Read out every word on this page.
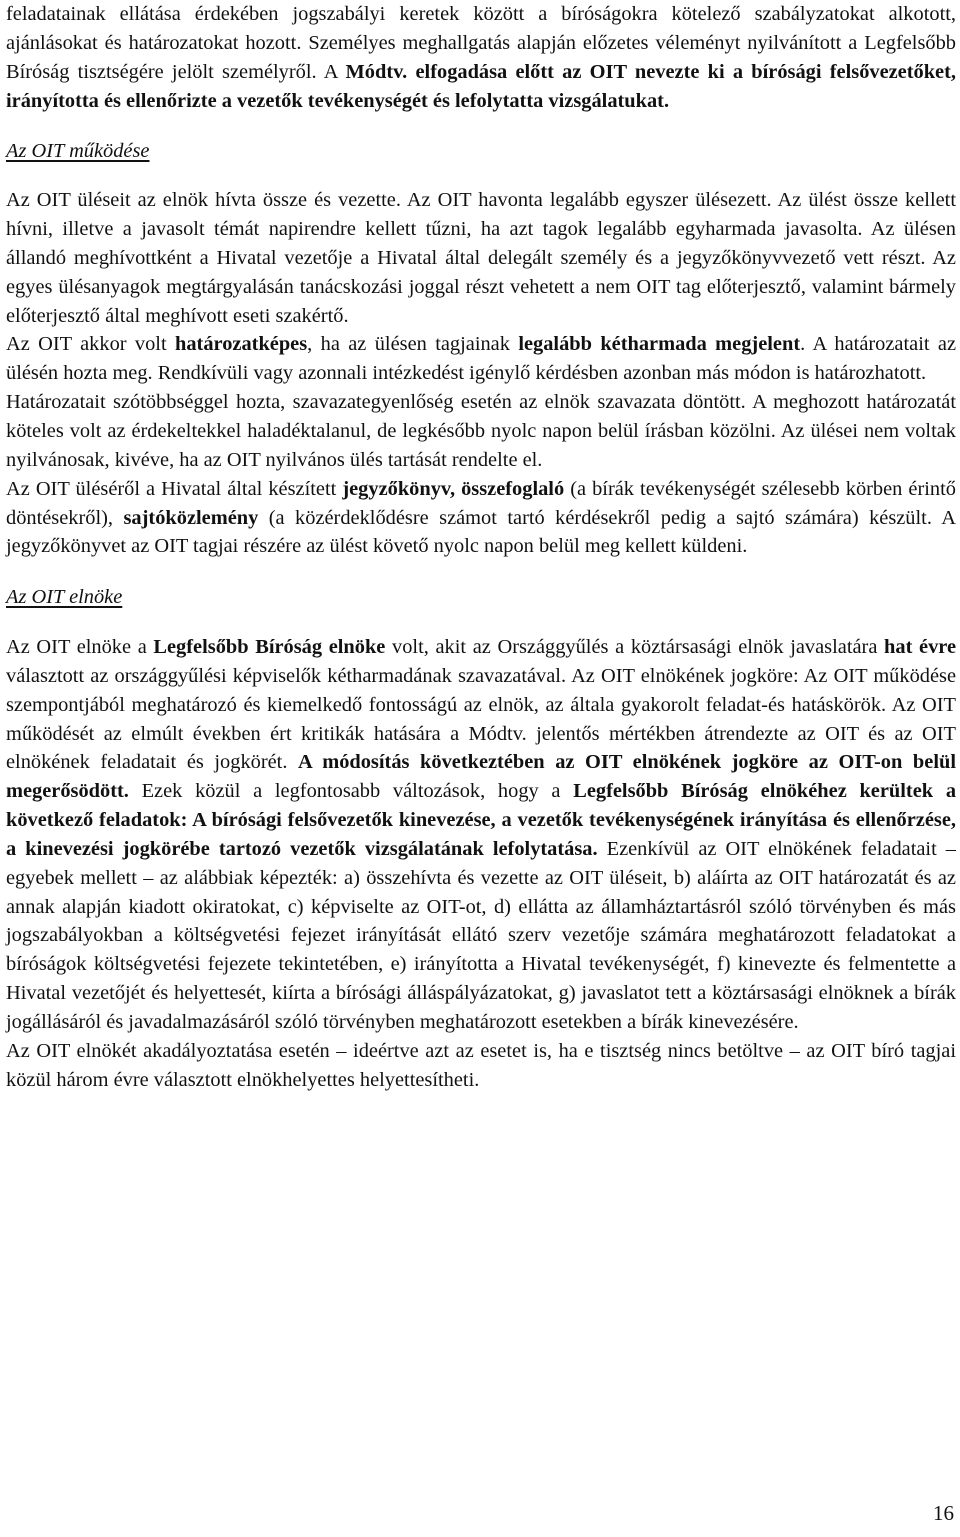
feladatainak ellátása érdekében jogszabályi keretek között a bíróságokra kötelező szabályzatokat alkotott, ajánlásokat és határozatokat hozott. Személyes meghallgatás alapján előzetes véleményt nyilvánított a Legfelsőbb Bíróság tisztségére jelölt személyről. A Módtv. elfogadása előtt az OIT nevezte ki a bírósági felsővezetőket, irányította és ellenőrizte a vezetők tevékenységét és lefolytatta vizsgálatukat.

Az OIT működése

Az OIT üléseit az elnök hívta össze és vezette. Az OIT havonta legalább egyszer ülésezett. Az ülést össze kellett hívni, illetve a javasolt témát napirendre kellett tűzni, ha azt tagok legalább egyharmada javasolta. Az ülésen állandó meghívottként a Hivatal vezetője a Hivatal által delegált személy és a jegyzőkönyvvezető vett részt. Az egyes ülésanyagok megtárgyalásán tanácskozási joggal részt vehetett a nem OIT tag előterjesztő, valamint bármely előterjesztő által meghívott eseti szakértő.

Az OIT akkor volt határozatképes, ha az ülésen tagjainak legalább kétharmada megjelent. A határozatait az ülésén hozta meg. Rendkívüli vagy azonnali intézkedést igénylő kérdésben azonban más módon is határozhatott.

Határozatait szótöbbséggel hozta, szavazategyenlőség esetén az elnök szavazata döntött. A meghozott határozatát köteles volt az érdekeltekkel haladéktalanul, de legkésőbb nyolc napon belül írásban közölni. Az ülései nem voltak nyilvánosak, kivéve, ha az OIT nyilvános ülés tartását rendelte el.

Az OIT üléséről a Hivatal által készített jegyzőkönyv, összefoglaló (a bírák tevékenységét szélesebb körben érintő döntésekről), sajtóközlemény (a közérdeklődésre számot tartó kérdésekről pedig a sajtó számára) készült. A jegyzőkönyvet az OIT tagjai részére az ülést követő nyolc napon belül meg kellett küldeni.

Az OIT elnöke

Az OIT elnöke a Legfelsőbb Bíróság elnöke volt, akit az Országgyűlés a köztársasági elnök javaslatára hat évre választott az országgyűlési képviselők kétharmadának szavazatával. Az OIT elnökének jogköre: Az OIT működése szempontjából meghatározó és kiemelkedő fontosságú az elnök, az általa gyakorolt feladat-és hatáskörök. Az OIT működését az elmúlt években ért kritikák hatására a Módtv. jelentős mértékben átrendezte az OIT és az OIT elnökének feladatait és jogkörét. A módosítás következtében az OIT elnökének jogköre az OIT-on belül megerősödött. Ezek közül a legfontosabb változások, hogy a Legfelsőbb Bíróság elnökéhez kerültek a következő feladatok: A bírósági felsővezetők kinevezése, a vezetők tevékenységének irányítása és ellenőrzése, a kinevezési jogkörébe tartozó vezetők vizsgálatának lefolytatása. Ezenkívül az OIT elnökének feladatait – egyebek mellett – az alábbiak képezték: a) összehívta és vezette az OIT üléseit, b) aláírta az OIT határozatát és az annak alapján kiadott okiratokat, c) képviselte az OIT-ot, d) ellátta az államháztartásról szóló törvényben és más jogszabályokban a költségvetési fejezet irányítását ellátó szerv vezetője számára meghatározott feladatokat a bíróságok költségvetési fejezete tekintetében, e) irányította a Hivatal tevékenységét, f) kinevezte és felmentette a Hivatal vezetőjét és helyettesét, kiírta a bírósági álláspályázatokat, g) javaslatot tett a köztársasági elnöknek a bírák jogállásáról és javadalmazásáról szóló törvényben meghatározott esetekben a bírák kinevezésére.

Az OIT elnökét akadályoztatása esetén – ideértve azt az esetet is, ha e tisztség nincs betöltve – az OIT bíró tagjai közül három évre választott elnökhelyettes helyettesítheti.

16
